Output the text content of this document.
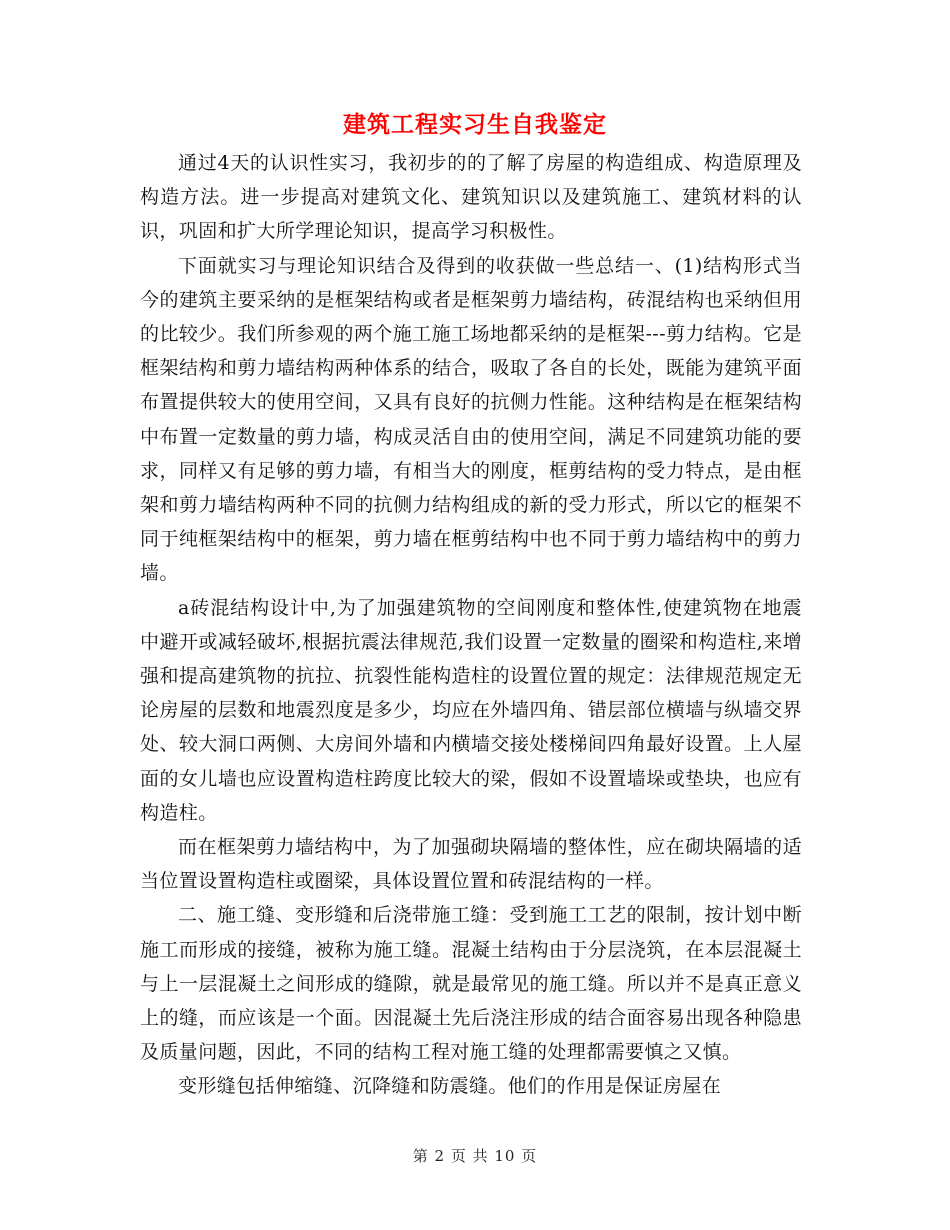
建筑工程实习生自我鉴定

通过4天的认识性实习，我初步的的了解了房屋的构造组成、构造原理及构造方法。进一步提高对建筑文化、建筑知识以及建筑施工、建筑材料的认识，巩固和扩大所学理论知识，提高学习积极性。

下面就实习与理论知识结合及得到的收获做一些总结一、(1)结构形式当今的建筑主要采纳的是框架结构或者是框架剪力墙结构，砖混结构也采纳但用的比较少。我们所参观的两个施工施工场地都采纳的是框架---剪力结构。它是框架结构和剪力墙结构两种体系的结合，吸取了各自的长处，既能为建筑平面布置提供较大的使用空间，又具有良好的抗侧力性能。这种结构是在框架结构中布置一定数量的剪力墙，构成灵活自由的使用空间，满足不同建筑功能的要求，同样又有足够的剪力墙，有相当大的刚度，框剪结构的受力特点，是由框架和剪力墙结构两种不同的抗侧力结构组成的新的受力形式，所以它的框架不同于纯框架结构中的框架，剪力墙在框剪结构中也不同于剪力墙结构中的剪力墙。

a砖混结构设计中,为了加强建筑物的空间刚度和整体性,使建筑物在地震中避开或减轻破坏,根据抗震法律规范,我们设置一定数量的圈梁和构造柱,来增强和提高建筑物的抗拉、抗裂性能构造柱的设置位置的规定：法律规范规定无论房屋的层数和地震烈度是多少，均应在外墙四角、错层部位横墙与纵墙交界处、较大洞口两侧、大房间外墙和内横墙交接处楼梯间四角最好设置。上人屋面的女儿墙也应设置构造柱跨度比较大的梁，假如不设置墙垛或垫块，也应有构造柱。

而在框架剪力墙结构中，为了加强砌块隔墙的整体性，应在砌块隔墙的适当位置设置构造柱或圈梁，具体设置位置和砖混结构的一样。

二、施工缝、变形缝和后浇带施工缝：受到施工工艺的限制，按计划中断施工而形成的接缝，被称为施工缝。混凝土结构由于分层浇筑，在本层混凝土与上一层混凝土之间形成的缝隙，就是最常见的施工缝。所以并不是真正意义上的缝，而应该是一个面。因混凝土先后浇注形成的结合面容易出现各种隐患及质量问题，因此，不同的结构工程对施工缝的处理都需要慎之又慎。

变形缝包括伸缩缝、沉降缝和防震缝。他们的作用是保证房屋在

第 2 页 共 10 页
